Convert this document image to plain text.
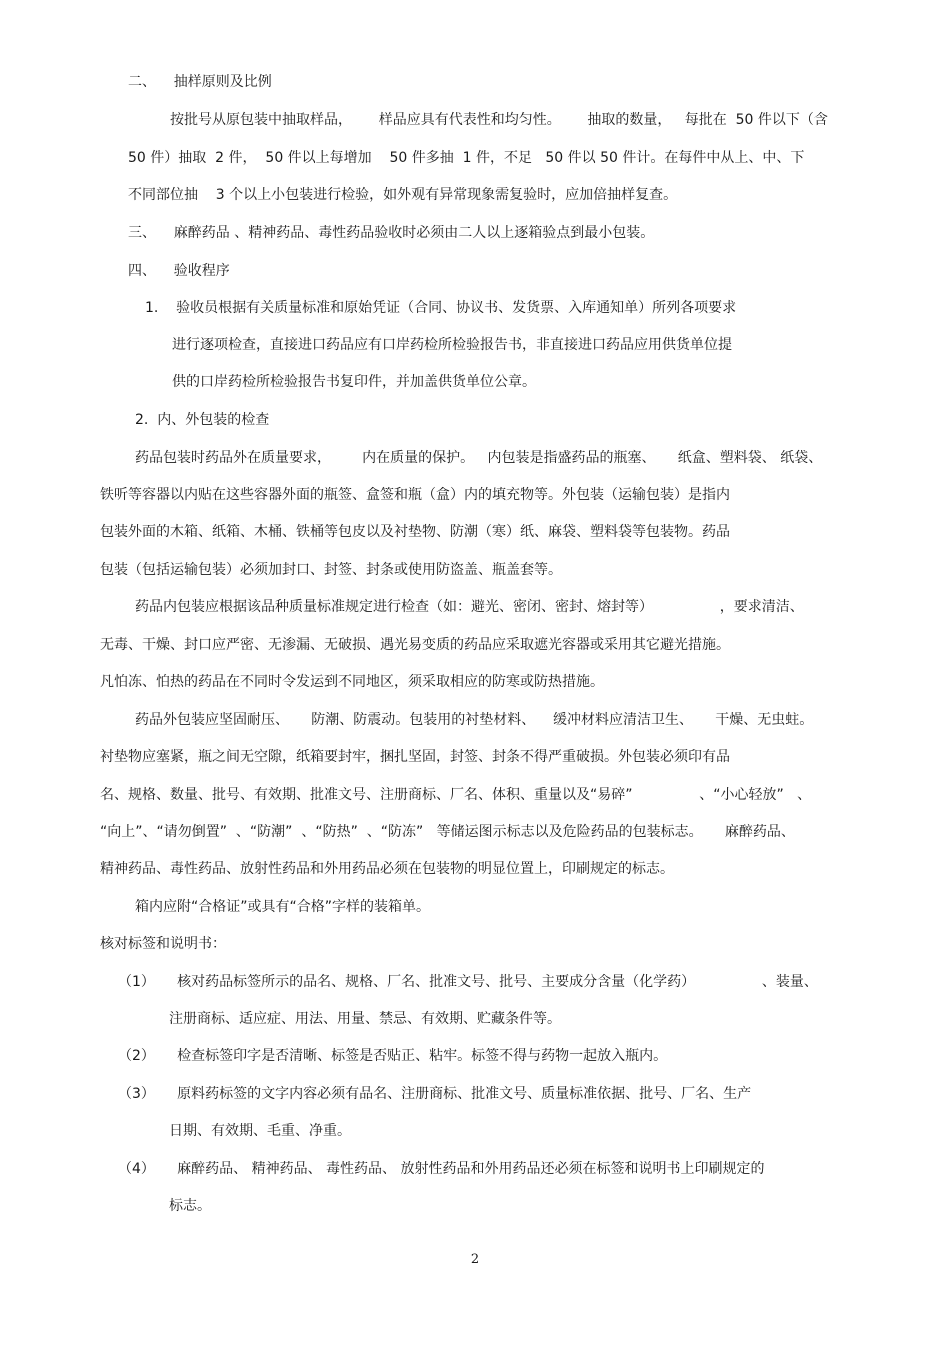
二、    抽样原则及比例
按批号从原包装中抽取样品，      样品应具有代表性和均匀性。      抽取的数量，   每批在  50 件以下（含
50 件）抽取  2 件，  50 件以上每增加    50 件多抽  1 件，不足   50 件以 50 件计。在每件中从上、中、下
不同部位抽    3 个以上小包装进行检验，如外观有异常现象需复验时，应加倍抽样复查。
三、    麻醉药品 、精神药品、毒性药品验收时必须由二人以上逐箱验点到最小包装。
四、    验收程序
1.    验收员根据有关质量标准和原始凭证（合同、协议书、发货票、入库通知单）所列各项要求
进行逐项检查，直接进口药品应有口岸药检所检验报告书，非直接进口药品应用供货单位提
供的口岸药检所检验报告书复印件，并加盖供货单位公章。
2.  内、外包装的检查
药品包装时药品外在质量要求，       内在质量的保护。   内包装是指盛药品的瓶塞、     纸盒、塑料袋、 纸袋、
铁听等容器以内贴在这些容器外面的瓶签、盒签和瓶（盒）内的填充物等。外包装（运输包装）是指内
包装外面的木箱、纸箱、木桶、铁桶等包皮以及衬垫物、防潮（寒）纸、麻袋、塑料袋等包装物。药品
包装（包括运输包装）必须加封口、封签、封条或使用防盗盖、瓶盖套等。
药品内包装应根据该品种质量标准规定进行检查（如：避光、密闭、密封、熔封等）               ，要求清洁、
无毒、干燥、封口应严密、无渗漏、无破损、遇光易变质的药品应采取遮光容器或采用其它避光措施。
凡怕冻、怕热的药品在不同时令发运到不同地区，须采取相应的防寒或防热措施。
药品外包装应坚固耐压、     防潮、防震动。包装用的衬垫材料、    缓冲材料应清洁卫生、     干燥、无虫蛀。
衬垫物应塞紧，瓶之间无空隙，纸箱要封牢，捆扎坚固，封签、封条不得严重破损。外包装必须印有品
名、规格、数量、批号、有效期、批准文号、注册商标、厂名、体积、重量以及“易碎”               、“小心轻放”   、
“向上”、“请勿倒置”  、“防潮”  、“防热”  、“防冻”   等储运图示标志以及危险药品的包装标志。     麻醉药品、
精神药品、毒性药品、放射性药品和外用药品必须在包装物的明显位置上，印刷规定的标志。
箱内应附“合格证”或具有“合格”字样的装箱单。
核对标签和说明书：
（1）     核对药品标签所示的品名、规格、厂名、批准文号、批号、主要成分含量（化学药）               、装量、
注册商标、适应症、用法、用量、禁忌、有效期、贮藏条件等。
（2）     检查标签印字是否清晰、标签是否贴正、粘牢。标签不得与药物一起放入瓶内。
（3）     原料药标签的文字内容必须有品名、注册商标、批准文号、质量标准依据、批号、厂名、生产
日期、有效期、毛重、净重。
（4）     麻醉药品、 精神药品、 毒性药品、 放射性药品和外用药品还必须在标签和说明书上印刷规定的
标志。
2
